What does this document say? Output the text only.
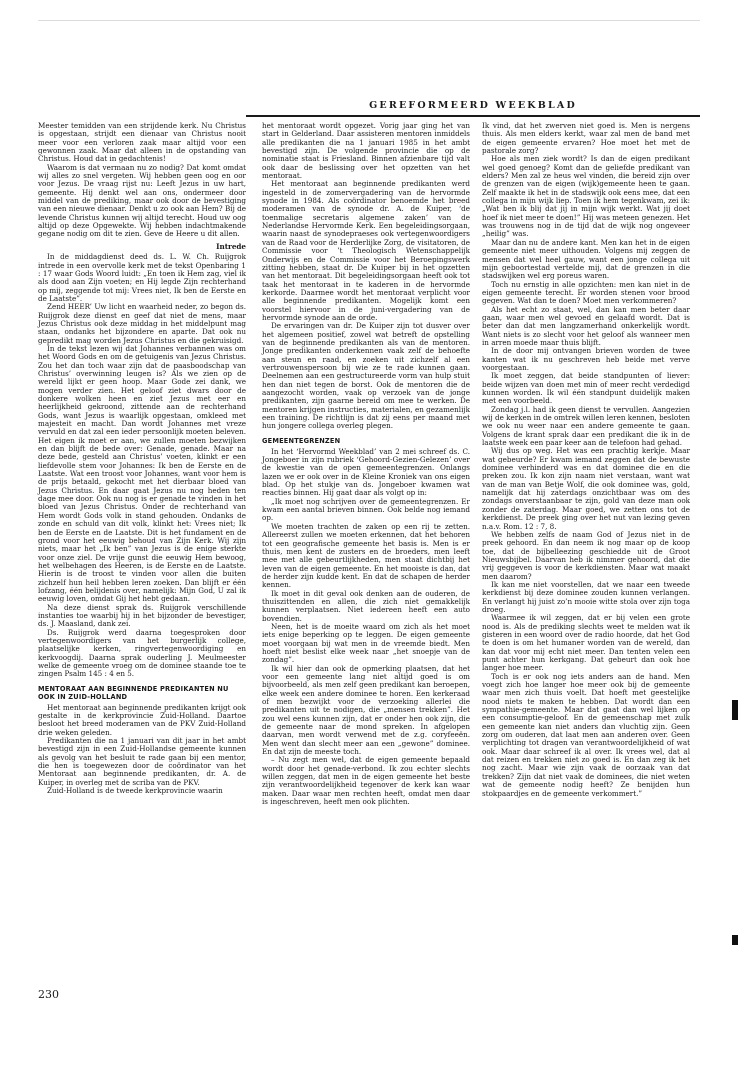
GEREFORMEERD WEEKBLAD

Meester temidden van een strijdende kerk. Nu Christus is opgestaan, strijdt een dienaar van Christus nooit meer voor een verloren zaak maar altijd voor een gewonnen zaak. Maar dat alleen in de opstanding van Christus. Houd dat in gedachtenis!

Waarom is dat vermaan nu zo nodig? Dat komt omdat wij alles zo snel vergeten. Wij hebben geen oog en oor voor Jezus. De vraag rijst nu: Leeft Jezus in uw hart, gemeente. Hij denkt wel aan ons, ondermeer door middel van de prediking, maar ook door de bevestiging van een nieuwe dienaar. Denkt u zo ook aan Hem? Bij de levende Christus kunnen wij altijd terecht. Houd uw oog altijd op deze Opgewekte. Wij hebben indachtmakende gegane nodig om dit te zien. Geve de Heere u dit allen.

Intrede

In de middagdienst deed ds. L. W. Ch. Ruijgrok intrede in een overvolle kerk met de tekst Openbaring 1 : 17 waar Gods Woord luidt: „En toen ik Hem zag, viel ik als dood aan Zijn voeten; en Hij legde Zijn rechterhand op mij, zeggende tot mij: Vrees niet, Ik ben de Eerste en de Laatste”.

Zend HEER’ Uw licht en waarheid neder, zo begon ds. Ruijgrok deze dienst en geef dat niet de mens, maar Jezus Christus ook deze middag in het middelpunt mag staan, ondanks het bijzondere en aparte. Dat ook nu gepredikt mag worden Jezus Christus en die gekruisigd.

In de tekst lezen wij dat Johannes verbannen was om het Woord Gods en om de getuigenis van Jezus Christus. Zou het dan toch waar zijn dat de paasboodschap van Christus’ overwinning leugen is? Als we zien op de wereld lijkt er geen hoop. Maar Gode zei dank, we mogen verder zien. Het geloof ziet dwars door de donkere wolken heen en ziet Jezus met eer en heerlijkheid gekroond, zittende aan de rechterhand Gods, want Jezus is waarlijk opgestaan, omkleed met majesteit en macht. Dan wordt Johannes met vreze vervuld en dat zal een ieder persoonlijk moeten beleven. Het eigen ik moet er aan, we zullen moeten bezwijken en dan blijft de bede over: Genade, genade. Maar na deze bede, gesteld aan Christus’ voeten, klinkt er een liefdevolle stem voor Johannes: Ik ben de Eerste en de Laatste. Wat een troost voor Johannes, want voor hem is de prijs betaald, gekocht met het dierbaar bloed van Jezus Christus. En daar gaat Jezus nu nog heden ten dage mee door. Ook nu nog is er genade te vinden in het bloed van Jezus Christus. Onder de rechterhand van Hem wordt Gods volk in stand gehouden. Ondanks de zonde en schuld van dit volk, klinkt het: Vrees niet; Ik ben de Eerste en de Laatste. Dit is het fundament en de grond voor het eeuwig behoud van Zijn Kerk. Wij zijn niets, maar het „Ik ben” van Jezus is de enige sterkte voor onze ziel. De vrije gunst die eeuwig Hem bewoog, het welbehagen des Heeren, is de Eerste en de Laatste. Hierin is de troost te vinden voor allen die buiten zichzelf hun heil hebben leren zoeken. Dan blijft er één lofzang, één belijdenis over, namelijk: Mijn God, U zal ik eeuwig loven, omdat Gij het hebt gedaan.

Na deze dienst sprak ds. Ruijgrok verschillende instanties toe waarbij hij in het bijzonder de bevestiger, ds. J. Maasland, dank zei.

Ds. Ruijgrok werd daarna toegesproken door vertegenwoordigers van het burgerlijk college, plaatselijke kerken, ringvertegenwoordiging en kerkvoogdij. Daarna sprak ouderling J. Meulmeester welke de gemeente vroeg om de dominee staande toe te zingen Psalm 145 : 4 en 5.

MENTORAAT AAN BEGINNENDE PREDIKANTEN NU OOK IN ZUID-HOLLAND

Het mentoraat aan beginnende predikanten krijgt ook gestalte in de kerkprovincie Zuid-Holland. Daartoe besloot het breed moderamen van de PKV Zuid-Holland drie weken geleden.

Predikanten die na 1 januari van dit jaar in het ambt bevestigd zijn in een Zuid-Hollandse gemeente kunnen als gevolg van het besluit te rade gaan bij een mentor, die hen is toegewezen door de coördinator van het Mentoraat aan beginnende predikanten, dr. A. de Kuiper, in overleg met de scriba van de PKV.

Zuid-Holland is de tweede kerkprovincie waarin

het mentoraat wordt opgezet. Vorig jaar ging het van start in Gelderland. Daar assisteren mentoren inmiddels alle predikanten die na 1 januari 1985 in het ambt bevestigd zijn. De volgende provincie die op de nominatie staat is Friesland. Binnen afzienbare tijd valt ook daar de beslissing over het opzetten van het mentoraat.

Het mentoraat aan beginnende predikanten werd ingesteld in de zomervergadering van de hervormde synode in 1984. Als coördinator benoemde het breed moderamen van de synode dr. A. de Kuiper, ‘de toenmalige secretaris algemene zaken’ van de Nederlandse Hervormde Kerk. Een begeleidingsorgaan, waarin naast de synodepraeses ook vertegenwoordigers van de Raad voor de Herderlijke Zorg, de visitatoren, de Commissie voor ’t Theologisch Wetenschappelijk Onderwijs en de Commissie voor het Beroepingswerk zitting hebben, staat dr. De Kuiper bij in het opzetten van het mentoraat. Dit begeleidingsorgaan heeft ook tot taak het mentoraat in te kaderen in de hervormde kerkorde. Daarmee wordt het mentoraat verplicht voor alle beginnende predikanten. Mogelijk komt een voorstel hiervoor in de juni-vergadering van de hervormde synode aan de orde.

De ervaringen van dr. De Kuiper zijn tot dusver over het algemeen positief, zowel wat betreft de opstelling van de beginnende predikanten als van de mentoren. Jonge predikanten onderkennen vaak zelf de behoefte aan steun en raad, en zoeken uit zichzelf al een vertrouwenspersoon bij wie ze te rade kunnen gaan. Deelnemen aan een gestructureerde vorm van hulp stuit hen dan niet tegen de borst. Ook de mentoren die de aangezocht worden, vaak op verzoek van de jonge predikanten, zijn gaarne bereid om mee te werken. De mentoren krijgen instructies, materialen, en gezamenlijk een training. De richtlijn is dat zij eens per maand met hun jongere collega overleg plegen.

GEMEENTEGRENZEN

In het ‘Hervormd Weekblad’ van 2 mei schreef ds. C. Jongeboer in zijn rubriek ‘Gehoord-Gezien-Gelezen’ over de kwestie van de open gemeentegrenzen. Onlangs lazen we er ook over in de Kleine Kroniek van ons eigen blad. Op het stukje van ds. Jongeboer kwamen wat reacties binnen. Hij gaat daar als volgt op in:

„Ik moet nog schrijven over de gemeentegrenzen. Er kwam een aantal brieven binnen. Ook belde nog iemand op.

We moeten trachten de zaken op een rij te zetten. Allereerst zullen we moeten erkennen, dat het behoren tot een geografische gemeente het basis is. Men is er thuis, men kent de zusters en de broeders, men leeft mee met alle gebeurtlijkheden, men staat dichtbij het leven van de eigen gemeente. En het mooiste is dan, dat de herder zijn kudde kent. En dat de schapen de herder kennen.

Ik moet in dit geval ook denken aan de ouderen, de thuiszittenden en allen, die zich niet gemakkelijk kunnen verplaatsen. Niet iedereen heeft een auto bovendien.

Neen, het is de moeite waard om zich als het moet iets enige beperking op te leggen. De eigen gemeente moet voorgaan bij wat men in de vreemde biedt. Men hoeft niet beslist elke week naar „het snoepje van de zondag”.

Ik wil hier dan ook de opmerking plaatsen, dat het voor een gemeente lang niet altijd goed is om bijvoorbeeld, als men zelf geen predikant kan beroepen, elke week een andere dominee te horen. Een kerkeraad of men bezwijkt voor de verzoeking allerlei die predikanten uit te nodigen, die „mensen trekken”. Het zou wel eens kunnen zijn, dat er onder hen ook zijn, die de gemeente naar de mond spreken. In afgelopen daarvan, men wordt verwend met de z.g. coryfeeën. Men went dan slecht meer aan een „gewone” dominee. En dat zijn de meeste toch.

– Nu zegt men wel, dat de eigen gemeente bepaald wordt door het genade-verbond. Ik zou echter slechts willen zeggen, dat men in de eigen gemeente het beste zijn verantwoordelijkheid tegenover de kerk kan waar maken. Daar waar men rechten heeft, omdat men daar is ingeschreven, heeft men ook plichten.

Ik vind, dat het zwerven niet goed is. Men is nergens thuis. Als men elders kerkt, waar zal men de band met de eigen gemeente ervaren? Hoe moet het met de pastorale zorg?

Hoe als men ziek wordt? Is dan de eigen predikant wel goed genoeg? Komt dan de geliefde predikant van elders? Men zal ze heus wel vinden, die bereid zijn over de grenzen van de eigen (wijk)gemeente heen te gaan. Zelf maakte ik het in de stadswijk ook eens mee, dat een collega in mijn wijk liep. Toen ik hem tegenkwam, zei ik: „Wat ben ik blij dat jij in mijn wijk werkt. Wat jij doet hoef ik niet meer te doen!” Hij was meteen genezen. Het was trouwens nog in de tijd dat de wijk nog ongeveer „heilig” was.

Maar dan nu de andere kant. Men kan het in de eigen gemeente niet meer uithouden. Volgens mij zeggen de mensen dat wel heel gauw, want een jonge collega uit mijn geboortestad vertelde mij, dat de grenzen in die stadswijken wel erg poreus waren.

Toch nu ernstig in alle opzichten: men kan niet in de eigen gemeente terecht. Er worden stenen voor brood gegeven. Wat dan te doen? Moet men verkommeren?

Als het echt zo staat, wel, dan kan men beter daar gaan, waar men wel gevoed en gelaafd wordt. Dat is beter dan dat men langzamerhand onkerkelijk wordt. Want niets is zo slecht voor het geloof als wanneer men in arren moede maar thuis blijft.

In de door mij ontvangen brieven worden de twee kanten wat ik nu geschreven heb beide met verve voorgestaan.

Ik moet zeggen, dat beide standpunten of liever: beide wijzen van doen met min of meer recht verdedigd kunnen worden. Ik wil één standpunt duidelijk maken met een voorbeeld.

Zondag j.l. had ik geen dienst te vervullen. Aangezien wij de kerken in de omtrek willen leren kennen, besloten we ook nu weer naar een andere gemeente te gaan. Volgens de krant sprak daar een predikant die ik in de laatste week een paar keer aan de telefoon had gehad.

Wij dus op weg. Het was een prachtig kerkje. Maar wat gebeurde? Er kwam iemand zeggen dat de bewuste dominee verhinderd was en dat dominee die en die preken zou. Ik kon zijn naam niet verstaan, want wat van de man van Betje Wolf, die ook dominee was, gold, namelijk dat hij zaterdags onzichtbaar was om des zondags onverstaanbaar te zijn, gold van deze man ook zonder de zaterdag. Maar goed, we zetten ons tot de kerkdienst. De preek ging over het nut van lezing geven n.a.v. Rom. 12 : 7, 8.

We hebben zelfs de naam God of Jezus niet in de preek gehoord. En dan neem ik nog maar op de koop toe, dat de bijbelleezing geschiedde uit de Groot Nieuwsbijbel. Daarvan heb ik nimmer gehoord, dat die vrij geggeven is voor de kerkdiensten. Maar wat maakt men daarom?

Ik kan me niet voorstellen, dat we naar een tweede kerkdienst bij deze dominee zouden kunnen verlangen. En verlangt hij juist zo’n mooie witte stola over zijn toga droeg.

Waarmee ik wil zeggen, dat er bij velen een grote nood is. Als de prediking slechts weet te melden wat ik gisteren in een woord over de radio hoorde, dat het God te doen is om het humaner worden van de wereld, dan kan dat voor mij echt niet meer. Dan tenten velen een punt achter hun kerkgang. Dat gebeurt dan ook hoe langer hoe meer.

Toch is er ook nog iets anders aan de hand. Men voegt zich hoe langer hoe meer ook bij de gemeente waar men zich thuis voelt. Dat hoeft met geestelijke nood niets te maken te hebben. Dat wordt dan een sympathie-gemeente. Maar dat gaat dan wel lijken op een consumptie-geloof. En de gemeenschap met zulk een gemeente kan niet anders dan vluchtig zijn. Geen zorg om ouderen, dat laat men aan anderen over. Geen verplichting tot dragen van verantwoordelijkheid of wat ook. Maar daar schreef ik al over. Ik vrees wel, dat al dat reizen en trekken niet zo goed is. En dan zeg ik het nog zacht. Maar wie zijn vaak de oorzaak van dat trekken? Zijn dat niet vaak de dominees, die niet weten wat de gemeente nodig heeft? Ze benijden hun stokpaardjes en de gemeente verkommert.”

230
